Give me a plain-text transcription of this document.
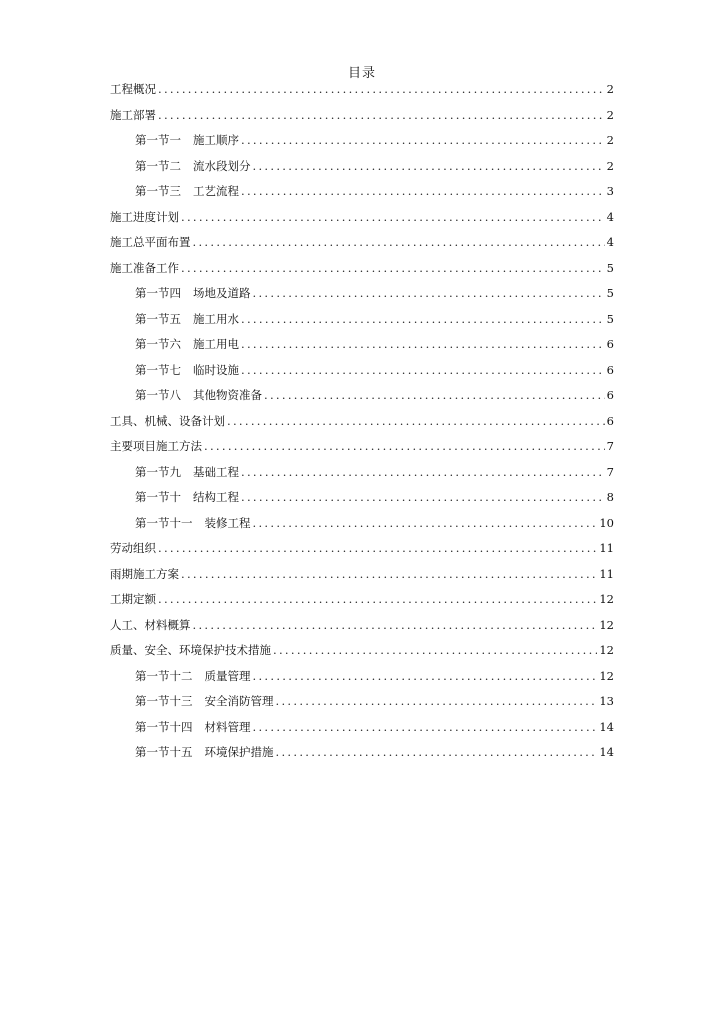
目录
工程概况 .....	2
施工部署 .....	2
第一节一 施工顺序 .....	2
第一节二 流水段划分 .....	2
第一节三 工艺流程 .....	3
施工进度计划 .....	4
施工总平面布置 .....	4
施工准备工作 .....	5
第一节四 场地及道路 .....	5
第一节五 施工用水 .....	5
第一节六 施工用电 .....	6
第一节七 临时设施 .....	6
第一节八 其他物资准备 .....	6
工具、机械、设备计划 .....	6
主要项目施工方法 .....	7
第一节九 基础工程 .....	7
第一节十 结构工程 .....	8
第一节十一 装修工程 .....	10
劳动组织 .....	11
雨期施工方案 .....	11
工期定额 .....	12
人工、材料概算 .....	12
质量、安全、环境保护技术措施 .....	12
第一节十二 质量管理 .....	12
第一节十三 安全消防管理 .....	13
第一节十四 材料管理 .....	14
第一节十五 环境保护措施 .....	14
